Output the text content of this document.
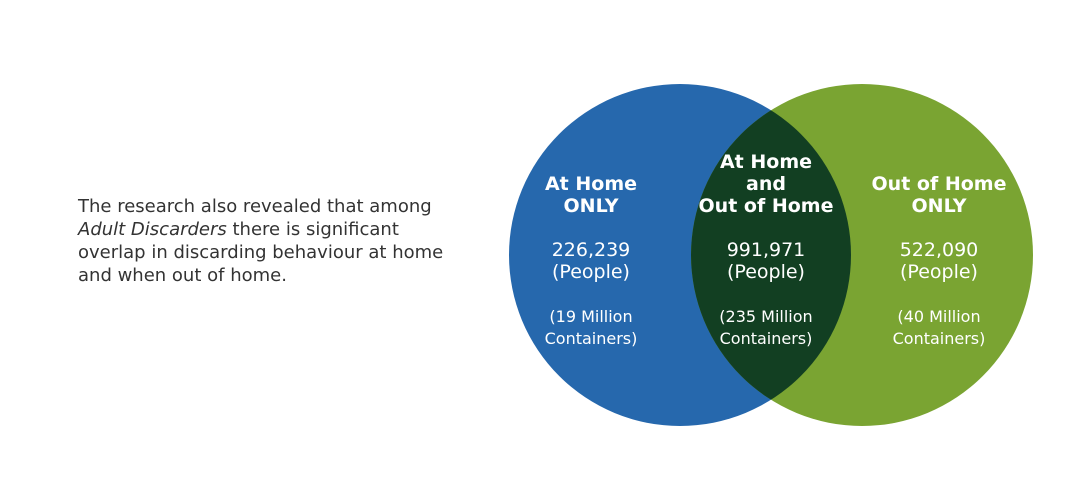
The research also revealed that among
Adult Discarders there is significant
overlap in discarding behaviour at home
and when out of home.

At Home
ONLY
226,239
(People)
(19 Million
Containers)
At Home
and
Out of Home
991,971
(People)
(235 Million
Containers)
Out of Home
ONLY
522,090
(People)
(40 Million
Containers)
